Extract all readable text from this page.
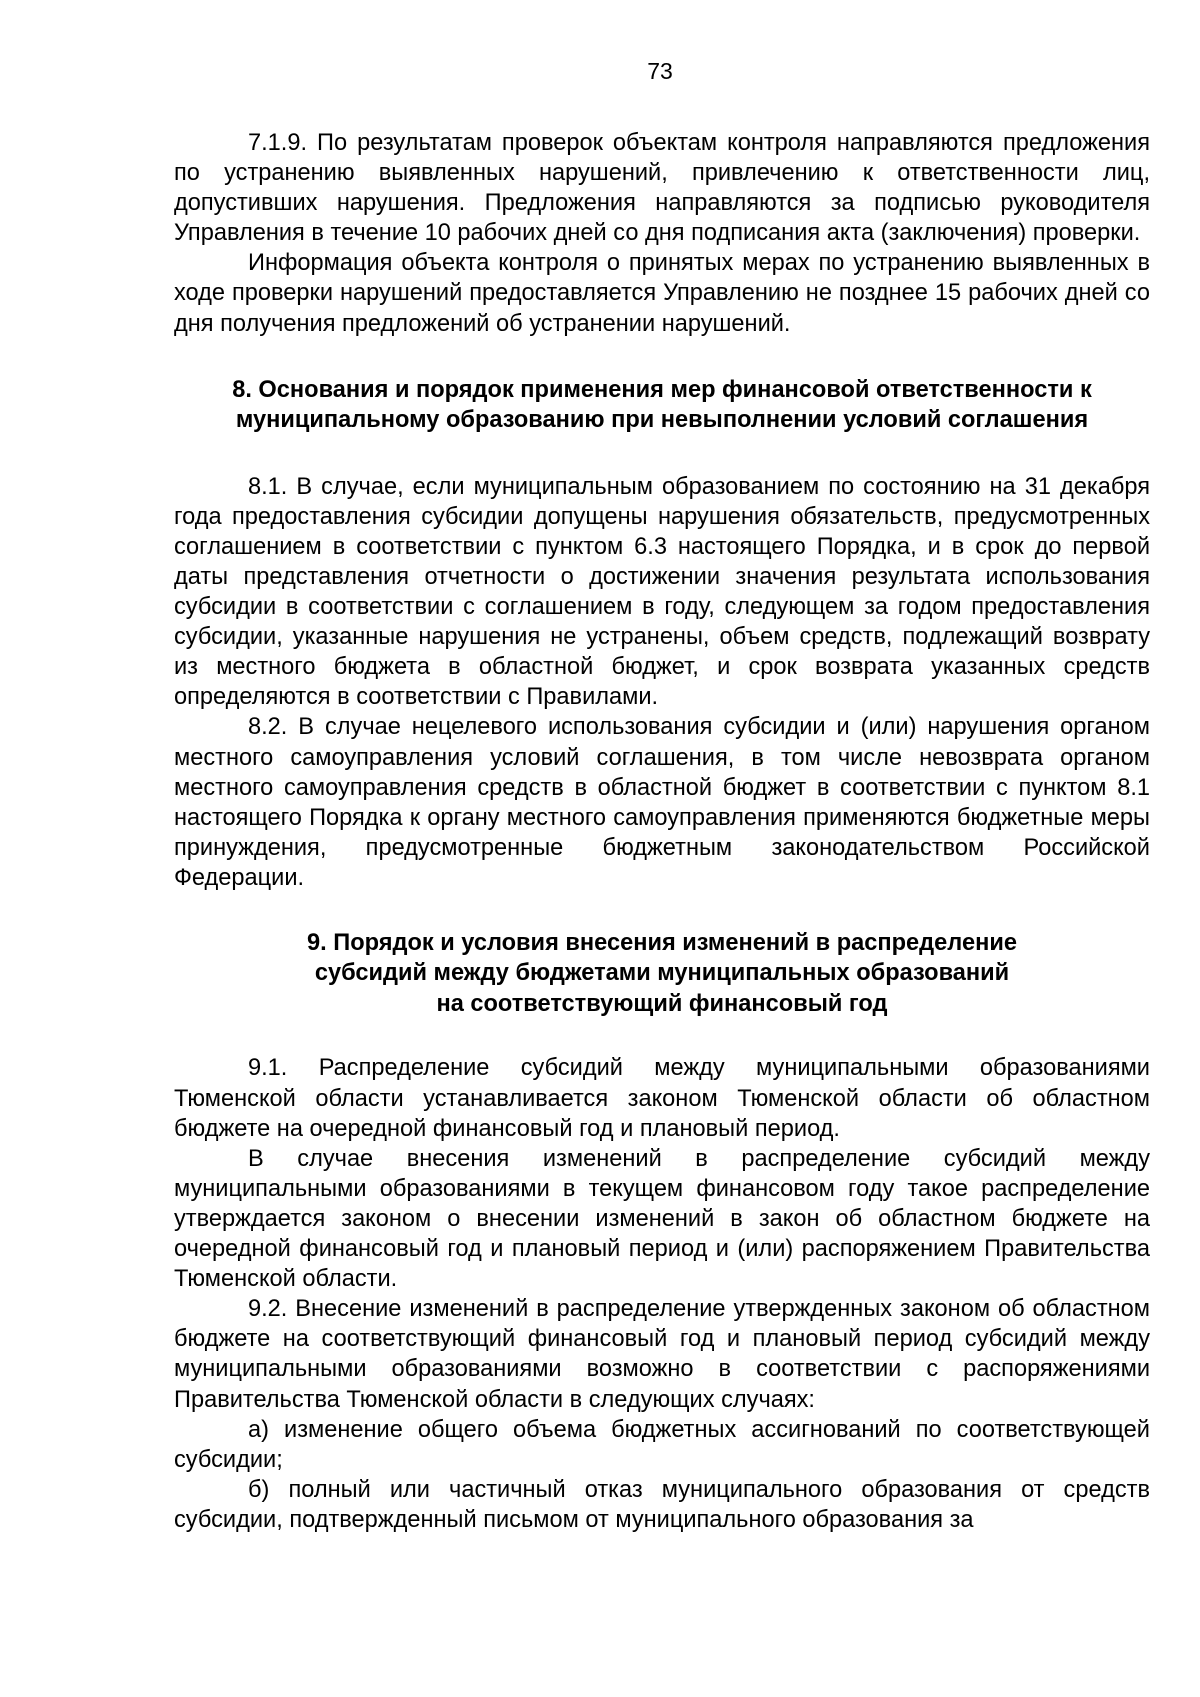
73

7.1.9. По результатам проверок объектам контроля направляются предложения по устранению выявленных нарушений, привлечению к ответственности лиц, допустивших нарушения. Предложения направляются за подписью руководителя Управления в течение 10 рабочих дней со дня подписания акта (заключения) проверки.

Информация объекта контроля о принятых мерах по устранению выявленных в ходе проверки нарушений предоставляется Управлению не позднее 15 рабочих дней со дня получения предложений об устранении нарушений.

8. Основания и порядок применения мер финансовой ответственности к
муниципальному образованию при невыполнении условий соглашения

8.1. В случае, если муниципальным образованием по состоянию на 31 декабря года предоставления субсидии допущены нарушения обязательств, предусмотренных соглашением в соответствии с пунктом 6.3 настоящего Порядка, и в срок до первой даты представления отчетности о достижении значения результата использования субсидии в соответствии с соглашением в году, следующем за годом предоставления субсидии, указанные нарушения не устранены, объем средств, подлежащий возврату из местного бюджета в областной бюджет, и срок возврата указанных средств определяются в соответствии с Правилами.

8.2. В случае нецелевого использования субсидии и (или) нарушения органом местного самоуправления условий соглашения, в том числе невозврата органом местного самоуправления средств в областной бюджет в соответствии с пунктом 8.1 настоящего Порядка к органу местного самоуправления применяются бюджетные меры принуждения, предусмотренные бюджетным законодательством Российской Федерации.

9. Порядок и условия внесения изменений в распределение
субсидий между бюджетами муниципальных образований
на соответствующий финансовый год

9.1. Распределение субсидий между муниципальными образованиями Тюменской области устанавливается законом Тюменской области об областном бюджете на очередной финансовый год и плановый период.

В случае внесения изменений в распределение субсидий между муниципальными образованиями в текущем финансовом году такое распределение утверждается законом о внесении изменений в закон об областном бюджете на очередной финансовый год и плановый период и (или) распоряжением Правительства Тюменской области.

9.2. Внесение изменений в распределение утвержденных законом об областном бюджете на соответствующий финансовый год и плановый период субсидий между муниципальными образованиями возможно в соответствии с распоряжениями Правительства Тюменской области в следующих случаях:

а) изменение общего объема бюджетных ассигнований по соответствующей субсидии;

б) полный или частичный отказ муниципального образования от средств субсидии, подтвержденный письмом от муниципального образования за
